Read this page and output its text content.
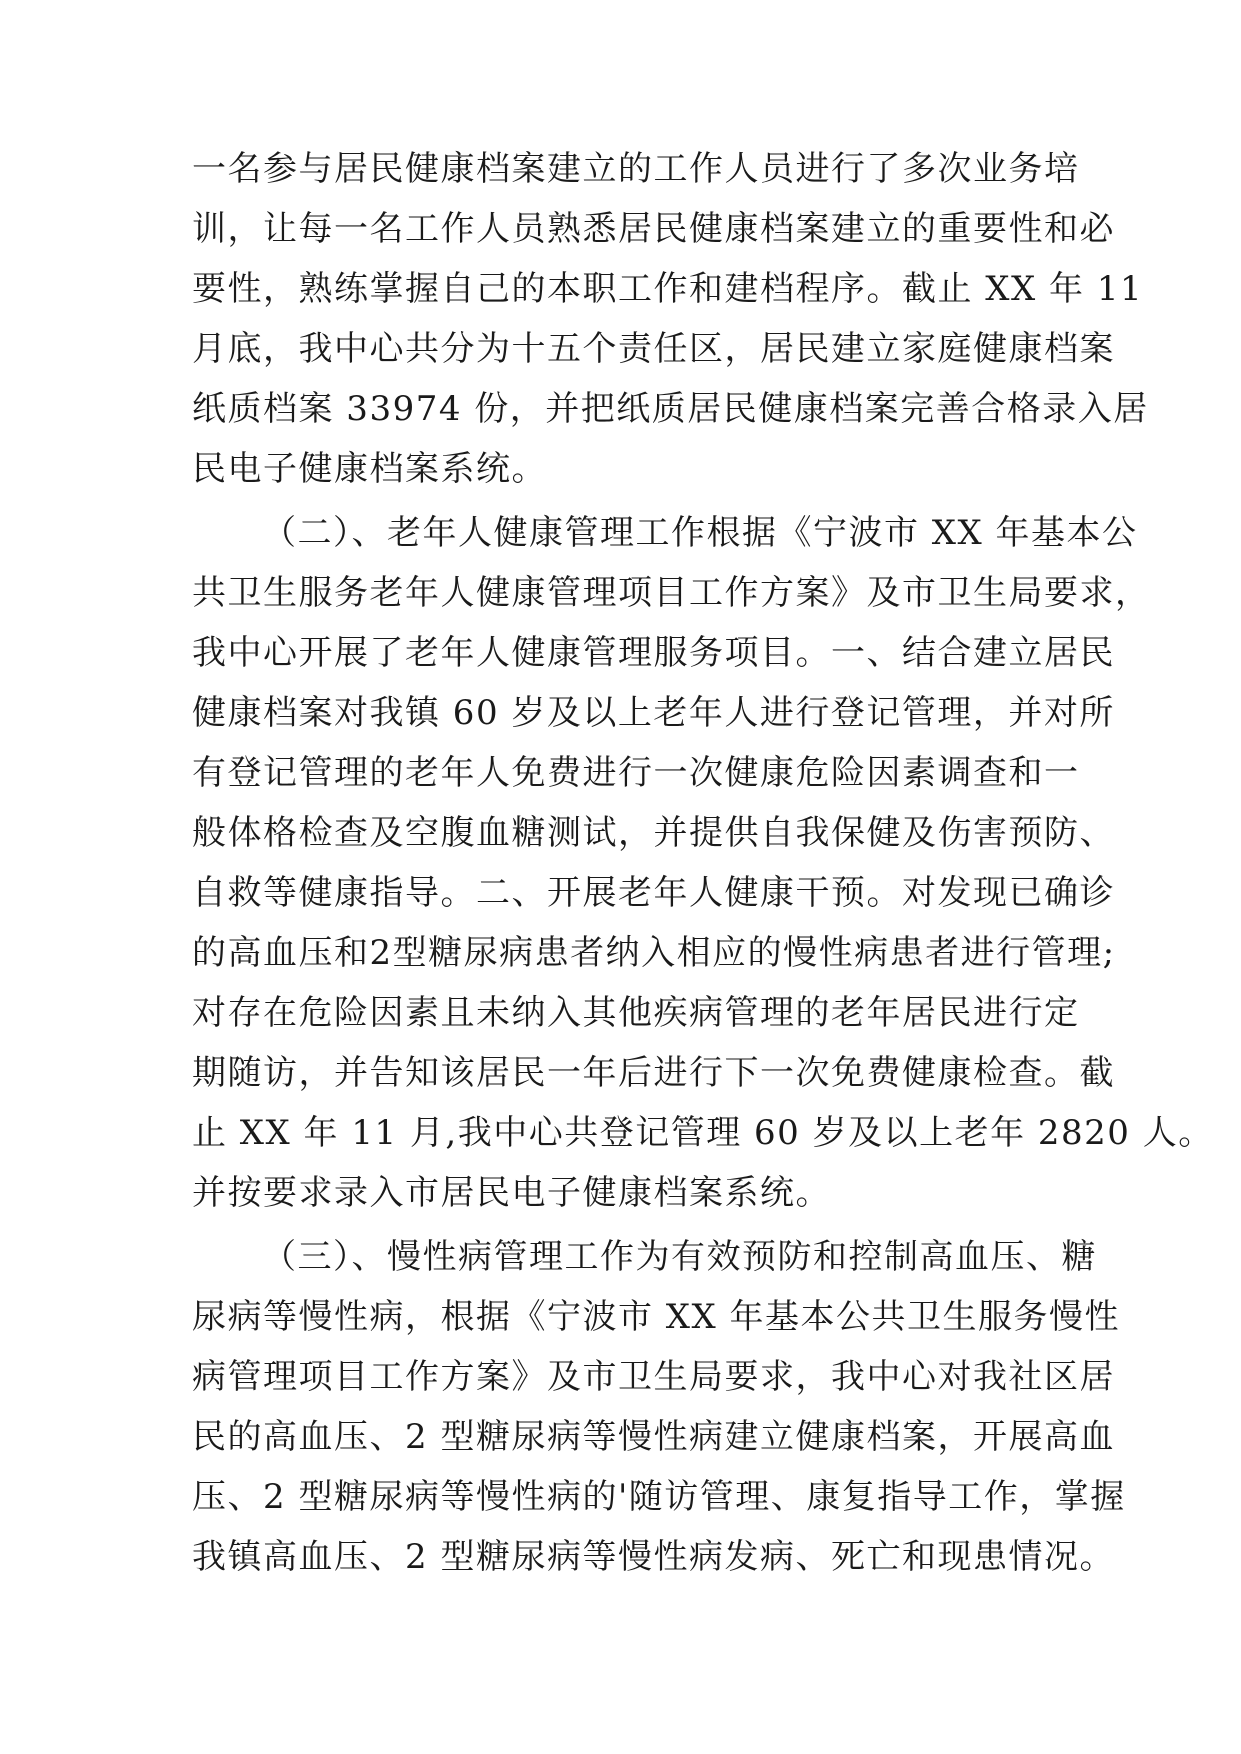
一名参与居民健康档案建立的工作人员进行了多次业务培
训，让每一名工作人员熟悉居民健康档案建立的重要性和必
要性，熟练掌握自己的本职工作和建档程序。截止 XX 年 11
月底，我中心共分为十五个责任区，居民建立家庭健康档案
纸质档案 33974 份，并把纸质居民健康档案完善合格录入居
民电子健康档案系统。
（二）、老年人健康管理工作根据《宁波市 XX 年基本公
共卫生服务老年人健康管理项目工作方案》及市卫生局要求，
我中心开展了老年人健康管理服务项目。一、结合建立居民
健康档案对我镇 60 岁及以上老年人进行登记管理，并对所
有登记管理的老年人免费进行一次健康危险因素调查和一
般体格检查及空腹血糖测试，并提供自我保健及伤害预防、
自救等健康指导。二、开展老年人健康干预。对发现已确诊
的高血压和2型糖尿病患者纳入相应的慢性病患者进行管理;
对存在危险因素且未纳入其他疾病管理的老年居民进行定
期随访，并告知该居民一年后进行下一次免费健康检查。截
止 XX 年 11 月,我中心共登记管理 60 岁及以上老年 2820 人。
并按要求录入市居民电子健康档案系统。
（三）、慢性病管理工作为有效预防和控制高血压、糖
尿病等慢性病，根据《宁波市 XX 年基本公共卫生服务慢性
病管理项目工作方案》及市卫生局要求，我中心对我社区居
民的高血压、2 型糖尿病等慢性病建立健康档案，开展高血
压、2 型糖尿病等慢性病的'随访管理、康复指导工作，掌握
我镇高血压、2 型糖尿病等慢性病发病、死亡和现患情况。
